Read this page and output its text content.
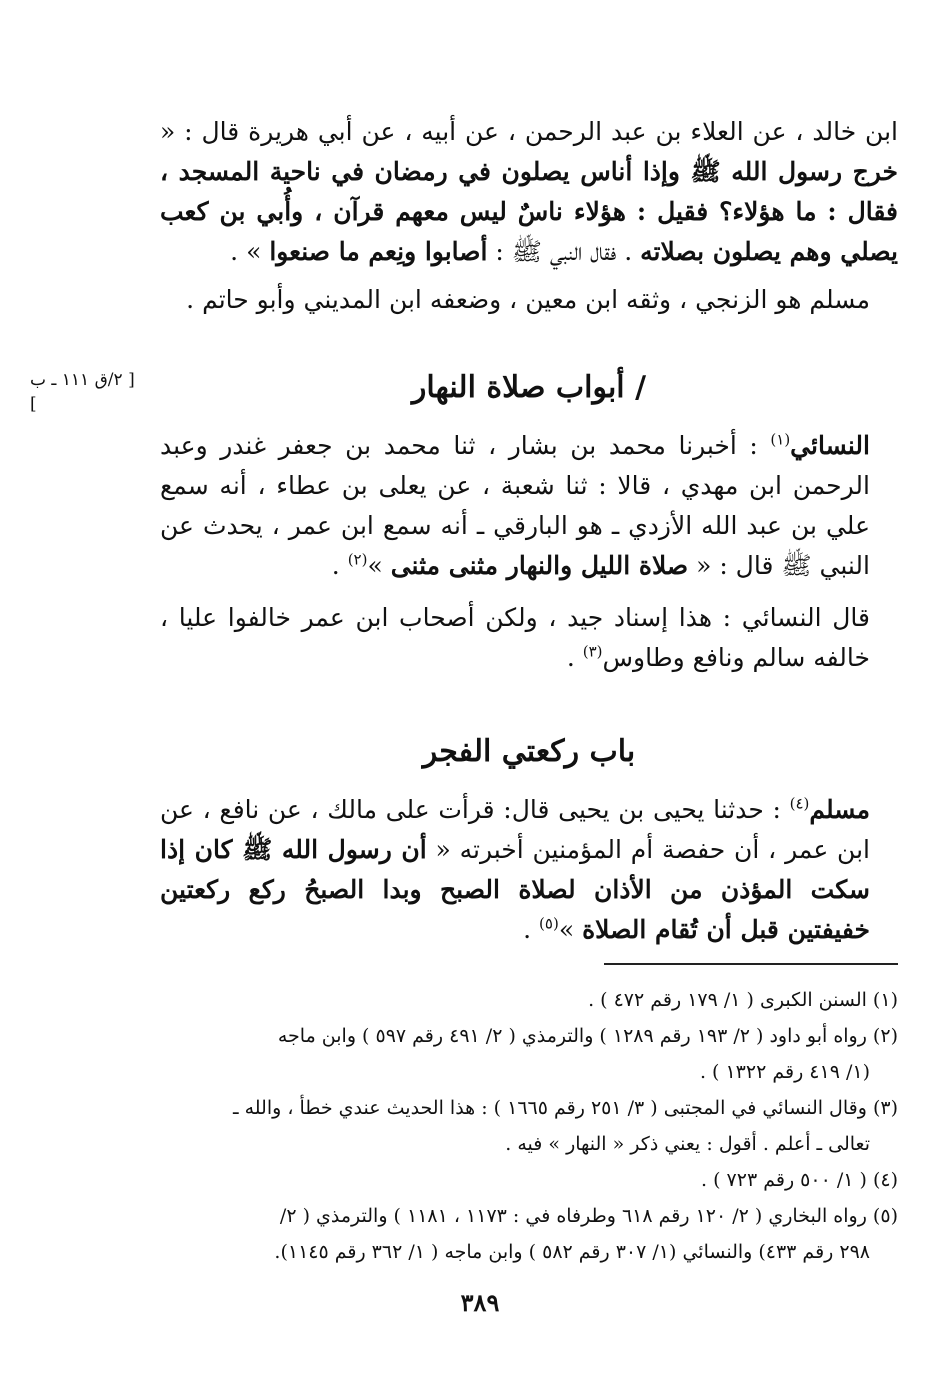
ابن خالد ، عن العلاء بن عبد الرحمن ، عن أبيه ، عن أبي هريرة قال : « خرج رسول الله ﷺ وإذا أناس يصلون في رمضان في ناحية المسجد ، فقال : ما هؤلاء؟ فقيل : هؤلاء ناسٌ ليس معهم قرآن ، وأُبي بن كعب يصلي وهم يصلون بصلاته . فقال النبي ﷺ : أصابوا ونِعم ما صنعوا » .

مسلم هو الزنجي ، وثقه ابن معين ، وضعفه ابن المديني وأبو حاتم .

[ ٢/ق ١١١ ـ ب ]	/ أبواب صلاة النهار

النسائي$^{(١)}$ : أخبرنا محمد بن بشار ، ثنا محمد بن جعفر غندر وعبد الرحمن ابن مهدي ، قالا : ثنا شعبة ، عن يعلى بن عطاء ، أنه سمع علي بن عبد الله الأزدي ـ هو البارقي ـ أنه سمع ابن عمر ، يحدث عن النبي ﷺ قال : « صلاة الليل والنهار مثنى مثنى »$^{(٢)}$ .

قال النسائي : هذا إسناد جيد ، ولكن أصحاب ابن عمر خالفوا عليا ، خالفه سالم ونافع وطاوس$^{(٣)}$ .

باب ركعتي الفجر

مسلم$^{(٤)}$ : حدثنا يحيى بن يحيى قال: قرأت على مالك ، عن نافع ، عن ابن عمر ، أن حفصة أم المؤمنين أخبرته « أن رسول الله ﷺ كان إذا سكت المؤذن من الأذان لصلاة الصبح وبدا الصبحُ ركع ركعتين خفيفتين قبل أن تُقام الصلاة »$^{(٥)}$ .

(١) السنن الكبرى ( ١/ ١٧٩ رقم ٤٧٢ ) .

(٢) رواه أبو داود ( ٢/ ١٩٣ رقم ١٢٨٩ ) والترمذي ( ٢/ ٤٩١ رقم ٥٩٧ ) وابن ماجه

(١/ ٤١٩ رقم ١٣٢٢ ) .

(٣) وقال النسائي في المجتبى ( ٣/ ٢٥١ رقم ١٦٦٥ ) : هذا الحديث عندي خطأ ، والله ـ

تعالى ـ أعلم . أقول : يعني ذكر « النهار » فيه .

(٤) ( ١/ ٥٠٠ رقم ٧٢٣ ) .

(٥) رواه البخاري ( ٢/ ١٢٠ رقم ٦١٨ وطرفاه في : ١١٧٣ ، ١١٨١ ) والترمذي ( ٢/

٢٩٨ رقم ٤٣٣) والنسائي (١/ ٣٠٧ رقم ٥٨٢ ) وابن ماجه ( ١/ ٣٦٢ رقم ١١٤٥).

٣٨٩
